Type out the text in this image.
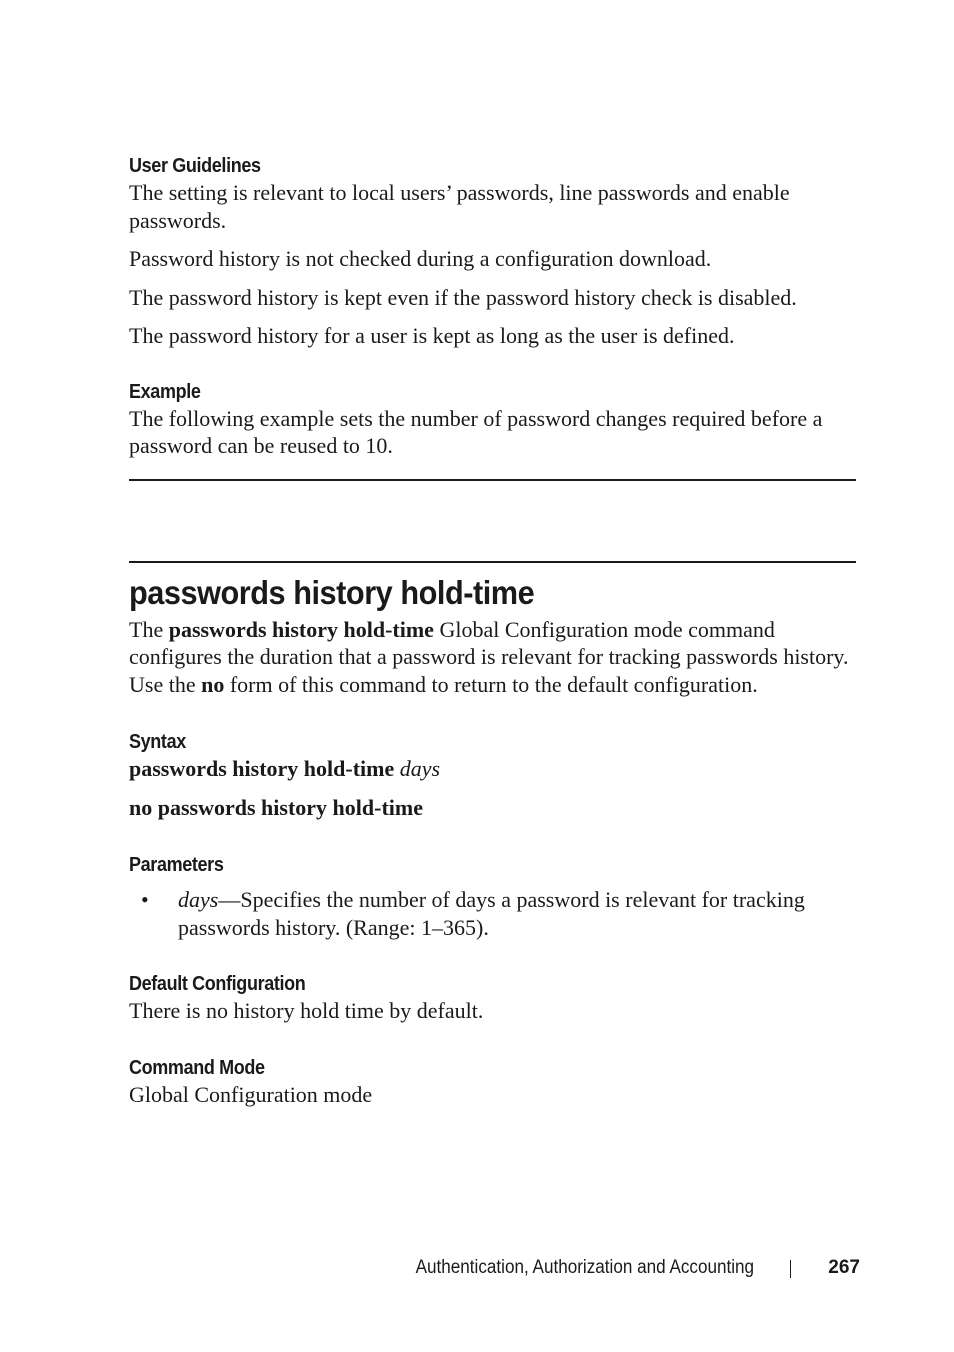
User Guidelines

The setting is relevant to local users’ passwords, line passwords and enable passwords.

Password history is not checked during a configuration download.

The password history is kept even if the password history check is disabled.

The password history for a user is kept as long as the user is defined.

Example

The following example sets the number of password changes required before a password can be reused to 10.

passwords history hold-time

The passwords history hold-time Global Configuration mode command configures the duration that a password is relevant for tracking passwords history. Use the no form of this command to return to the default configuration.

Syntax

passwords history hold-time days

no passwords history hold-time

Parameters
•	days—Specifies the number of days a password is relevant for tracking passwords history. (Range: 1–365).

Default Configuration

There is no history hold time by default.

Command Mode

Global Configuration mode

Authentication, Authorization and Accounting	267
